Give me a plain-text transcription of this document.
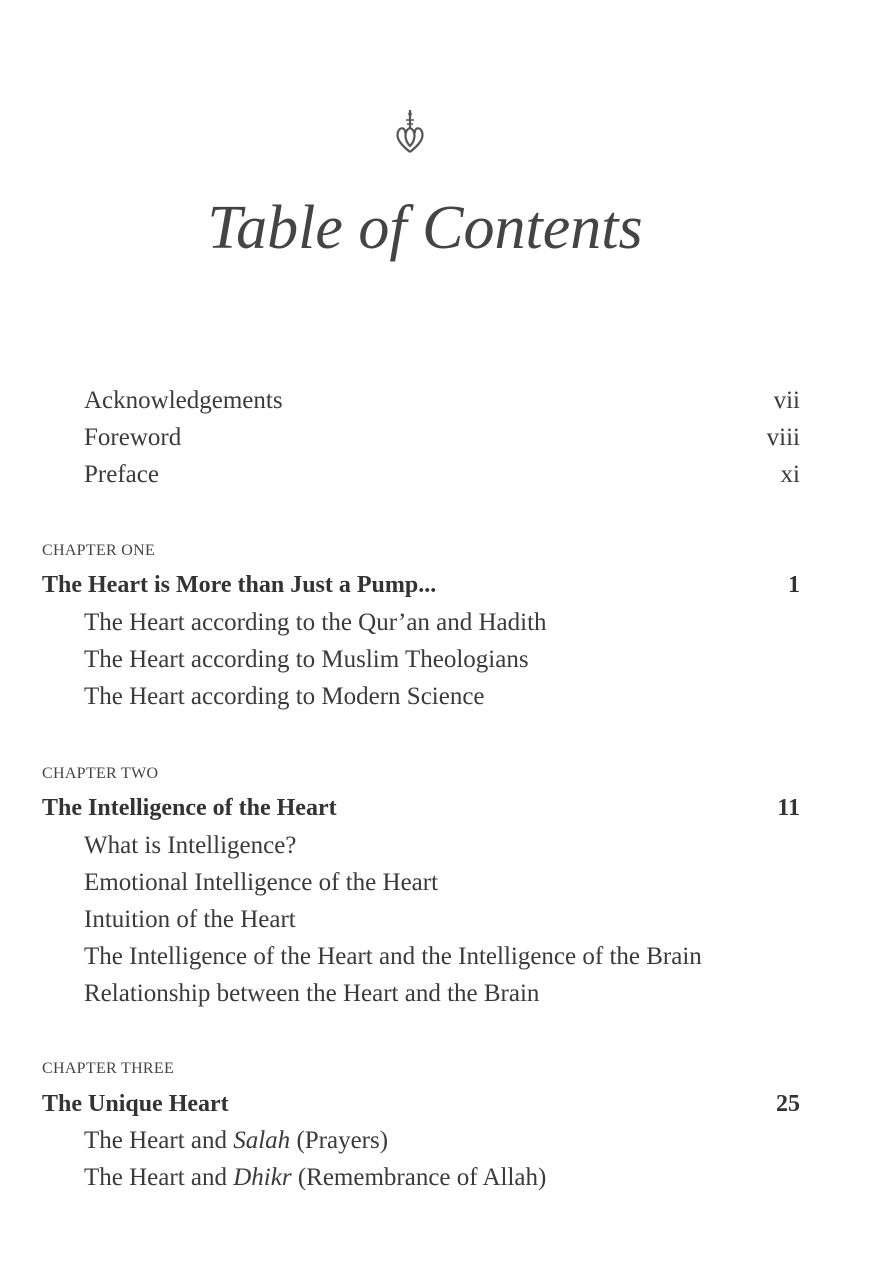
Table of Contents
Acknowledgements	vii
Foreword	viii
Preface	xi
CHAPTER ONE
The Heart is More than Just a Pump...	1
The Heart according to the Qur’an and Hadith
The Heart according to Muslim Theologians
The Heart according to Modern Science
CHAPTER TWO
The Intelligence of the Heart	11
What is Intelligence?
Emotional Intelligence of the Heart
Intuition of the Heart
The Intelligence of the Heart and the Intelligence of the Brain
Relationship between the Heart and the Brain
CHAPTER THREE
The Unique Heart	25
The Heart and Salah (Prayers)
The Heart and Dhikr (Remembrance of Allah)
